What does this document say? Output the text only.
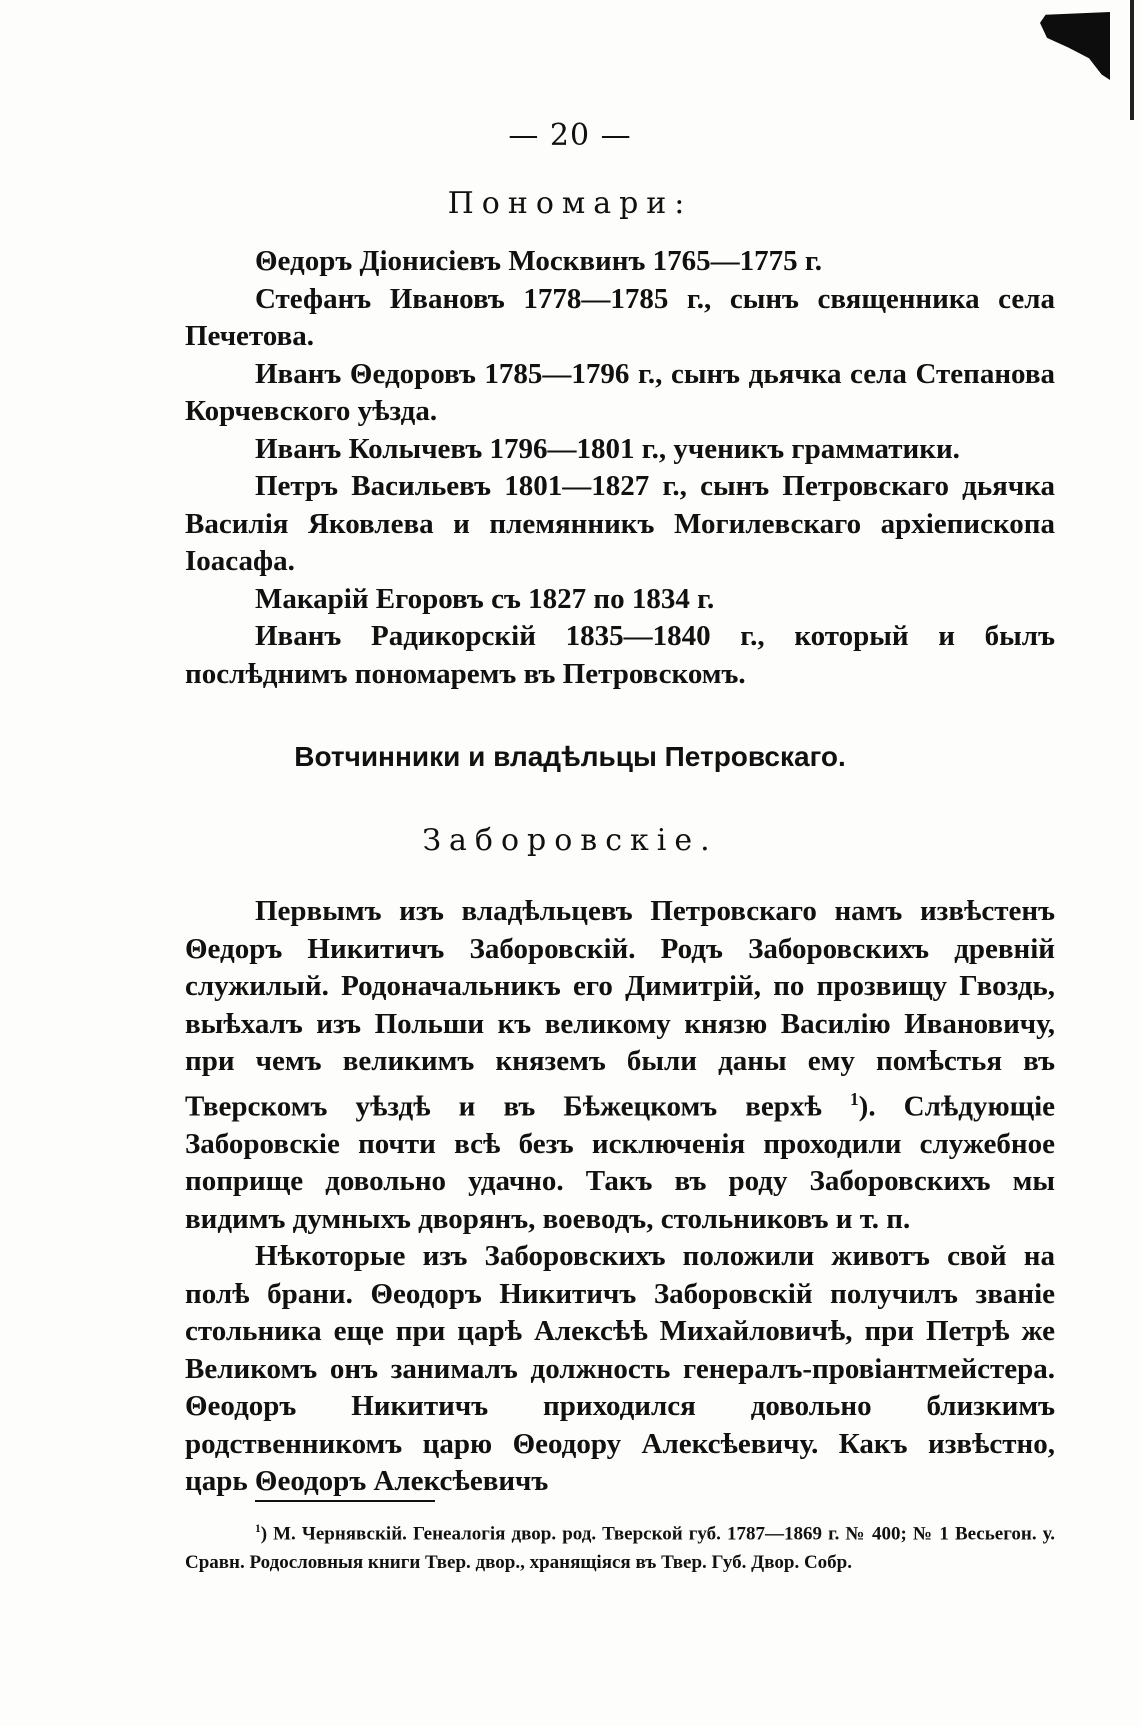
— 20 —
Пономари:

Θедоръ Діонисіевъ Москвинъ 1765—1775 г.

Стефанъ Ивановъ 1778—1785 г., сынъ священника села Печетова.

Иванъ Θедоровъ 1785—1796 г., сынъ дьячка села Степанова Корчевского уѣзда.

Иванъ Колычевъ 1796—1801 г., ученикъ грамматики.

Петръ Васильевъ 1801—1827 г., сынъ Петровскаго дьячка Василія Яковлева и племянникъ Могилевскаго архіепископа Іоасафа.

Макарій Егоровъ съ 1827 по 1834 г.

Иванъ Радикорскій 1835—1840 г., который и былъ послѣднимъ пономаремъ въ Петровскомъ.

Вотчинники и владѣльцы Петровскаго.
Заборовскіе.

Первымъ изъ владѣльцевъ Петровскаго намъ извѣстенъ Θедоръ Никитичъ Заборовскій. Родъ Заборовскихъ древній служилый. Родоначальникъ его Димитрій, по прозвищу Гвоздь, выѣхалъ изъ Польши къ великому князю Василію Ивановичу, при чемъ великимъ княземъ были даны ему помѣстья въ Тверскомъ уѣздѣ и въ Бѣжецкомъ верхѣ $^1$). Слѣдующіе Заборовскіе почти всѣ безъ исключенія проходили служебное поприще довольно удачно. Такъ въ роду Заборовскихъ мы видимъ думныхъ дворянъ, воеводъ, стольниковъ и т. п.

Нѣкоторые изъ Заборовскихъ положили животъ свой на полѣ брани. Θеодоръ Никитичъ Заборовскій получилъ званіе стольника еще при царѣ Алексѣѣ Михайловичѣ, при Петрѣ же Великомъ онъ занималъ должность генералъ-провіантмейстера. Θеодоръ Никитичъ приходился довольно близкимъ родственникомъ царю Θеодору Алексѣевичу. Какъ извѣстно, царь Θеодоръ Алексѣевичъ

$^1$) М. Чернявскій. Генеалогія двор. род. Тверской губ. 1787—1869 г. № 400; № 1 Весьегон. у. Сравн. Родословныя книги Твер. двор., хранящіяся въ Твер. Губ. Двор. Собр.
